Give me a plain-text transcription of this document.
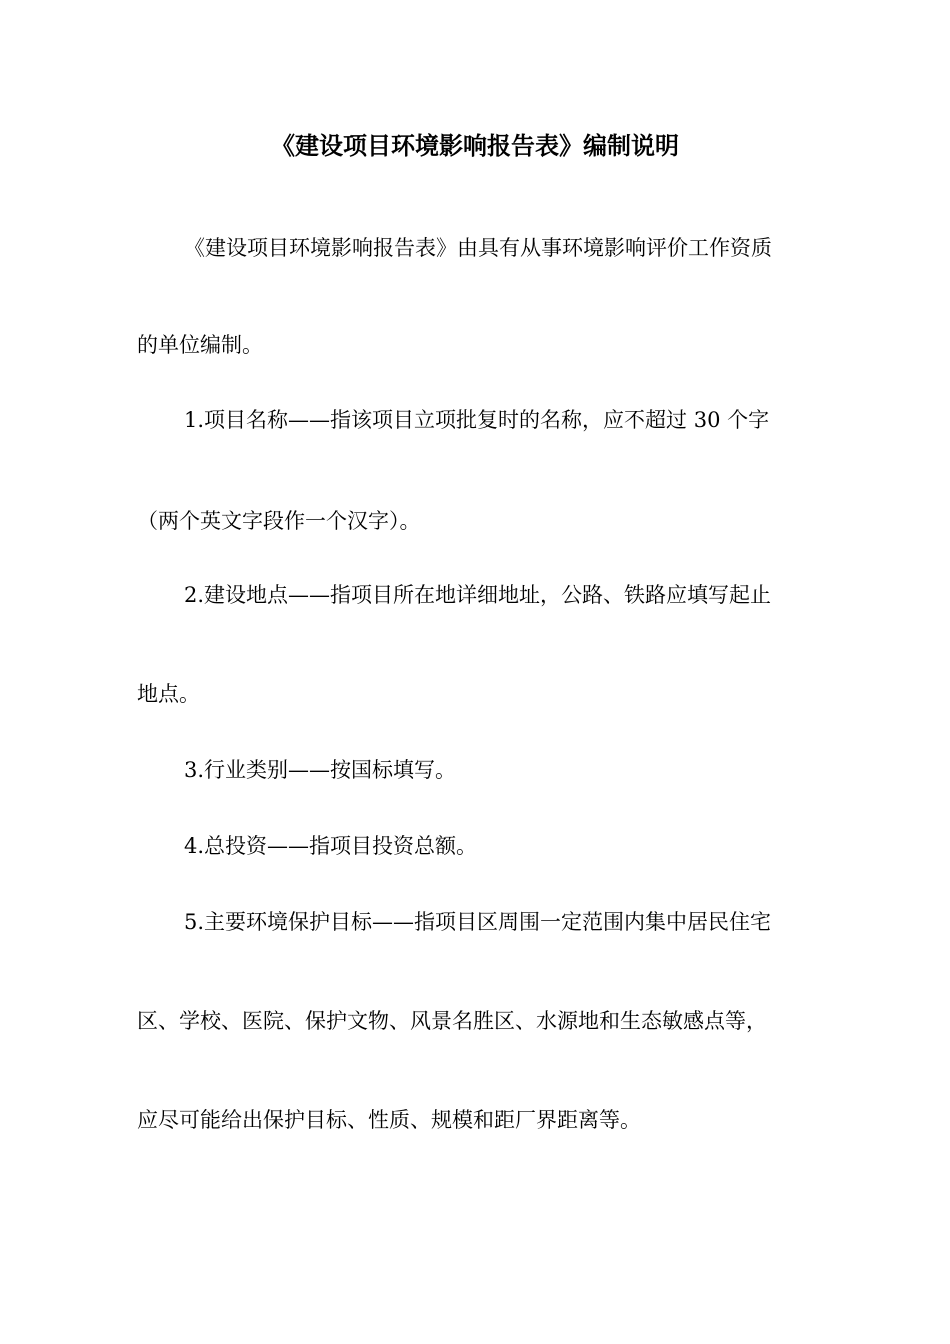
《建设项目环境影响报告表》编制说明
《建设项目环境影响报告表》由具有从事环境影响评价工作资质
的单位编制。
1.项目名称——指该项目立项批复时的名称，应不超过 30 个字
（两个英文字段作一个汉字）。
2.建设地点——指项目所在地详细地址，公路、铁路应填写起止
地点。
3.行业类别——按国标填写。
4.总投资——指项目投资总额。
5.主要环境保护目标——指项目区周围一定范围内集中居民住宅
区、学校、医院、保护文物、风景名胜区、水源地和生态敏感点等，
应尽可能给出保护目标、性质、规模和距厂界距离等。
